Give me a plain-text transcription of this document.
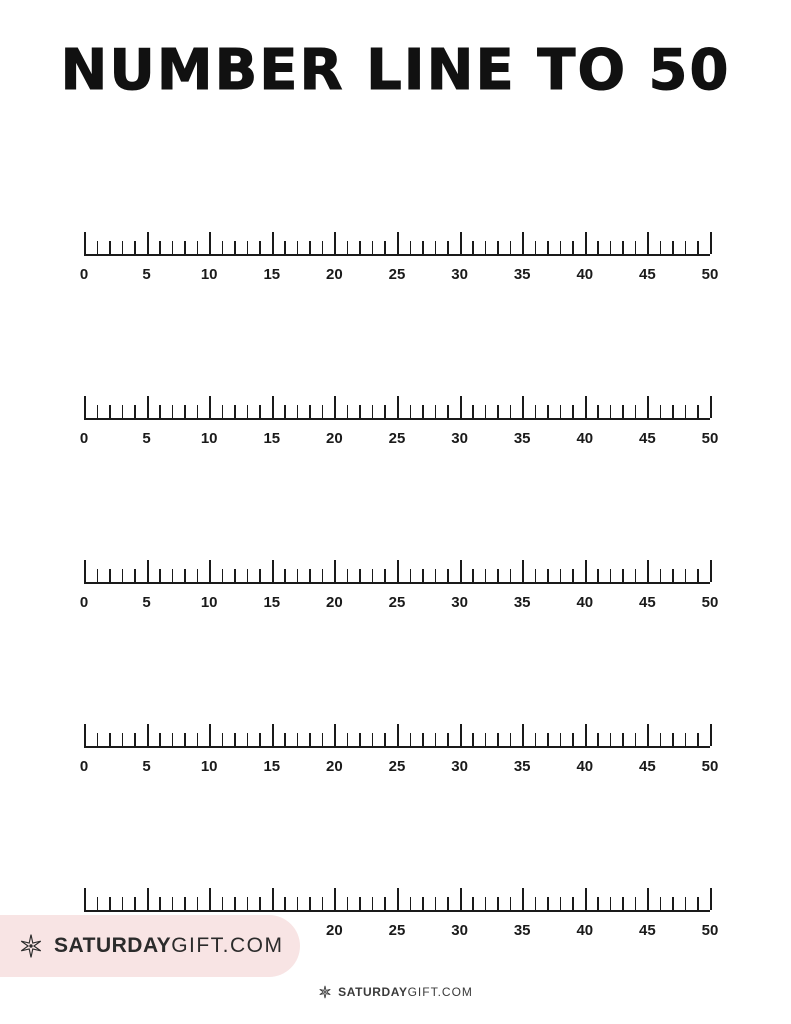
NUMBER LINE TO 50
0	5	10	15	20	25	30	35	40	45	50
0	5	10	15	20	25	30	35	40	45	50
0	5	10	15	20	25	30	35	40	45	50
0	5	10	15	20	25	30	35	40	45	50
20	25	30	35	40	45	50
SATURDAYGIFT.COM
SATURDAYGIFT.COM
